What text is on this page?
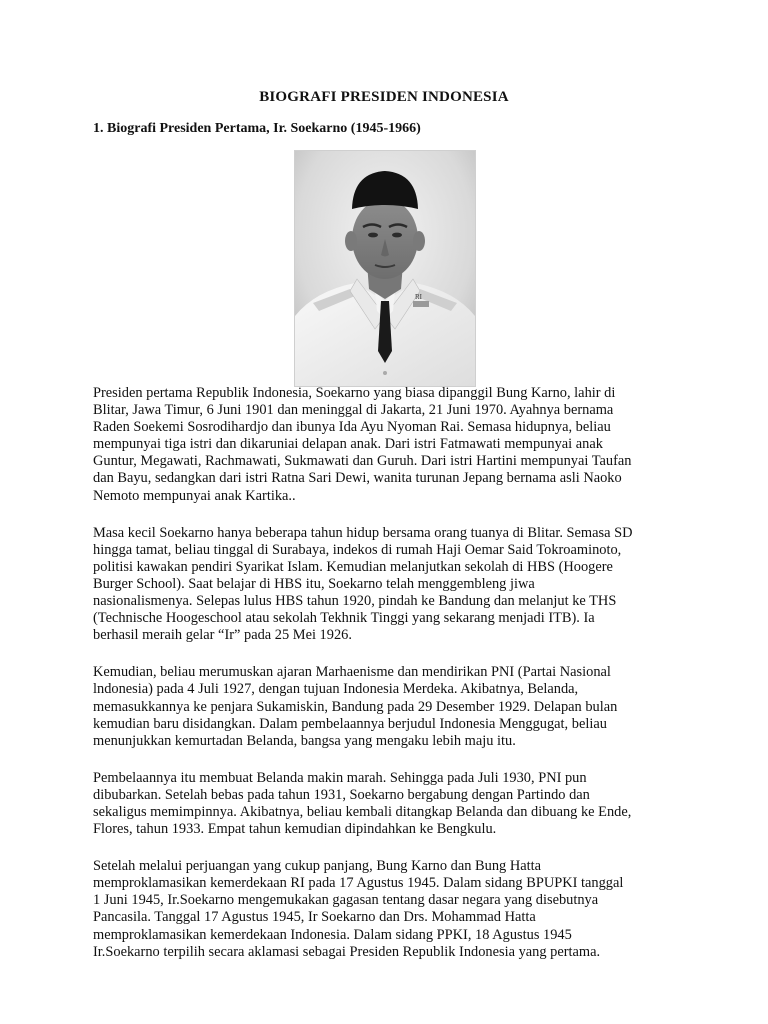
BIOGRAFI PRESIDEN INDONESIA
1. Biografi Presiden Pertama, Ir. Soekarno (1945-1966)
RI

Presiden pertama Republik Indonesia, Soekarno yang biasa dipanggil Bung Karno, lahir di
Blitar, Jawa Timur, 6 Juni 1901 dan meninggal di Jakarta, 21 Juni 1970. Ayahnya bernama
Raden Soekemi Sosrodihardjo dan ibunya Ida Ayu Nyoman Rai. Semasa hidupnya, beliau
mempunyai tiga istri dan dikaruniai delapan anak. Dari istri Fatmawati mempunyai anak
Guntur, Megawati, Rachmawati, Sukmawati dan Guruh. Dari istri Hartini mempunyai Taufan
dan Bayu, sedangkan dari istri Ratna Sari Dewi, wanita turunan Jepang bernama asli Naoko
Nemoto mempunyai anak Kartika..

Masa kecil Soekarno hanya beberapa tahun hidup bersama orang tuanya di Blitar. Semasa SD
hingga tamat, beliau tinggal di Surabaya, indekos di rumah Haji Oemar Said Tokroaminoto,
politisi kawakan pendiri Syarikat Islam. Kemudian melanjutkan sekolah di HBS (Hoogere
Burger School). Saat belajar di HBS itu, Soekarno telah menggembleng jiwa
nasionalismenya. Selepas lulus HBS tahun 1920, pindah ke Bandung dan melanjut ke THS
(Technische Hoogeschool atau sekolah Tekhnik Tinggi yang sekarang menjadi ITB). Ia
berhasil meraih gelar “Ir” pada 25 Mei 1926.

Kemudian, beliau merumuskan ajaran Marhaenisme dan mendirikan PNI (Partai Nasional
lndonesia) pada 4 Juli 1927, dengan tujuan Indonesia Merdeka. Akibatnya, Belanda,
memasukkannya ke penjara Sukamiskin, Bandung pada 29 Desember 1929. Delapan bulan
kemudian baru disidangkan. Dalam pembelaannya berjudul Indonesia Menggugat, beliau
menunjukkan kemurtadan Belanda, bangsa yang mengaku lebih maju itu.

Pembelaannya itu membuat Belanda makin marah. Sehingga pada Juli 1930, PNI pun
dibubarkan. Setelah bebas pada tahun 1931, Soekarno bergabung dengan Partindo dan
sekaligus memimpinnya. Akibatnya, beliau kembali ditangkap Belanda dan dibuang ke Ende,
Flores, tahun 1933. Empat tahun kemudian dipindahkan ke Bengkulu.

Setelah melalui perjuangan yang cukup panjang, Bung Karno dan Bung Hatta
memproklamasikan kemerdekaan RI pada 17 Agustus 1945. Dalam sidang BPUPKI tanggal
1 Juni 1945, Ir.Soekarno mengemukakan gagasan tentang dasar negara yang disebutnya
Pancasila. Tanggal 17 Agustus 1945, Ir Soekarno dan Drs. Mohammad Hatta
memproklamasikan kemerdekaan Indonesia. Dalam sidang PPKI, 18 Agustus 1945
Ir.Soekarno terpilih secara aklamasi sebagai Presiden Republik Indonesia yang pertama.
